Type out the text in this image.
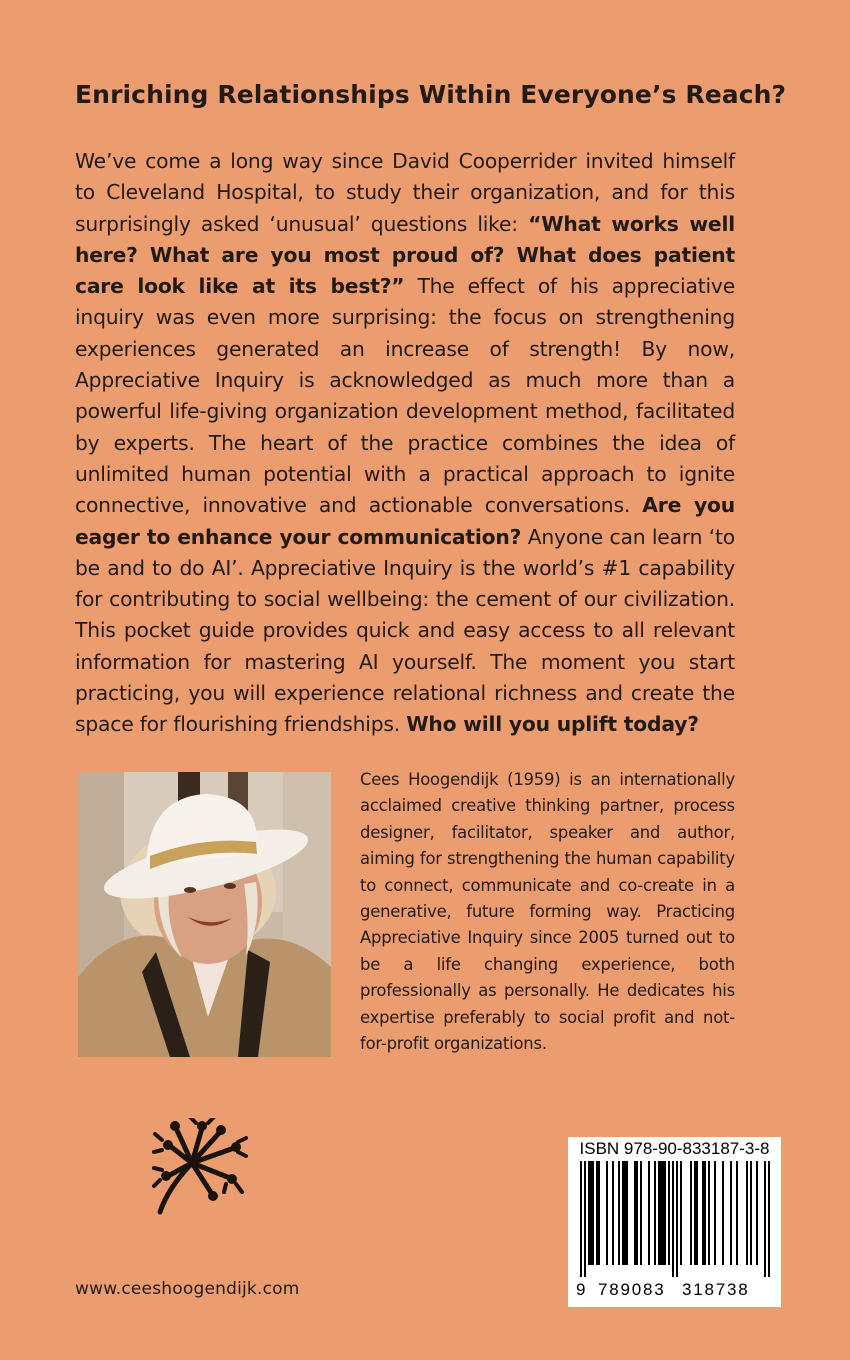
Enriching Relationships Within Everyone’s Reach?
We’ve come a long way since David Cooperrider invited himself to Cleveland Hospital, to study their organization, and for this surprisingly asked ‘unusual’ questions like: “What works well here? What are you most proud of? What does patient care look like at its best?” The effect of his appreciative inquiry was even more surprising: the focus on strengthening experiences generated an increase of strength! By now, Appreciative Inquiry is acknowledged as much more than a powerful life-giving organization development method, facilitated by experts. The heart of the practice combines the idea of unlimited human potential with a practical approach to ignite connective, innovative and actionable conversations. Are you eager to enhance your communication? Anyone can learn ‘to be and to do AI’. Appreciative Inquiry is the world’s #1 capability for contributing to social wellbeing: the cement of our civilization. This pocket guide provides quick and easy access to all relevant information for mastering AI yourself. The moment you start practicing, you will experience relational richness and create the space for flourishing friendships. Who will you uplift today?
Cees Hoogendijk (1959) is an internationally acclaimed creative thinking partner, process designer, facilitator, speaker and author, aiming for strengthening the human capability to connect, communicate and co-create in a generative, future forming way. Practicing Appreciative Inquiry since 2005 turned out to be a life changing experience, both professionally as personally. He dedicates his expertise preferably to social profit and not-for-profit organizations.
www.ceeshoogendijk.com
ISBN 978-90-833187-3-8
9 789083 318738
